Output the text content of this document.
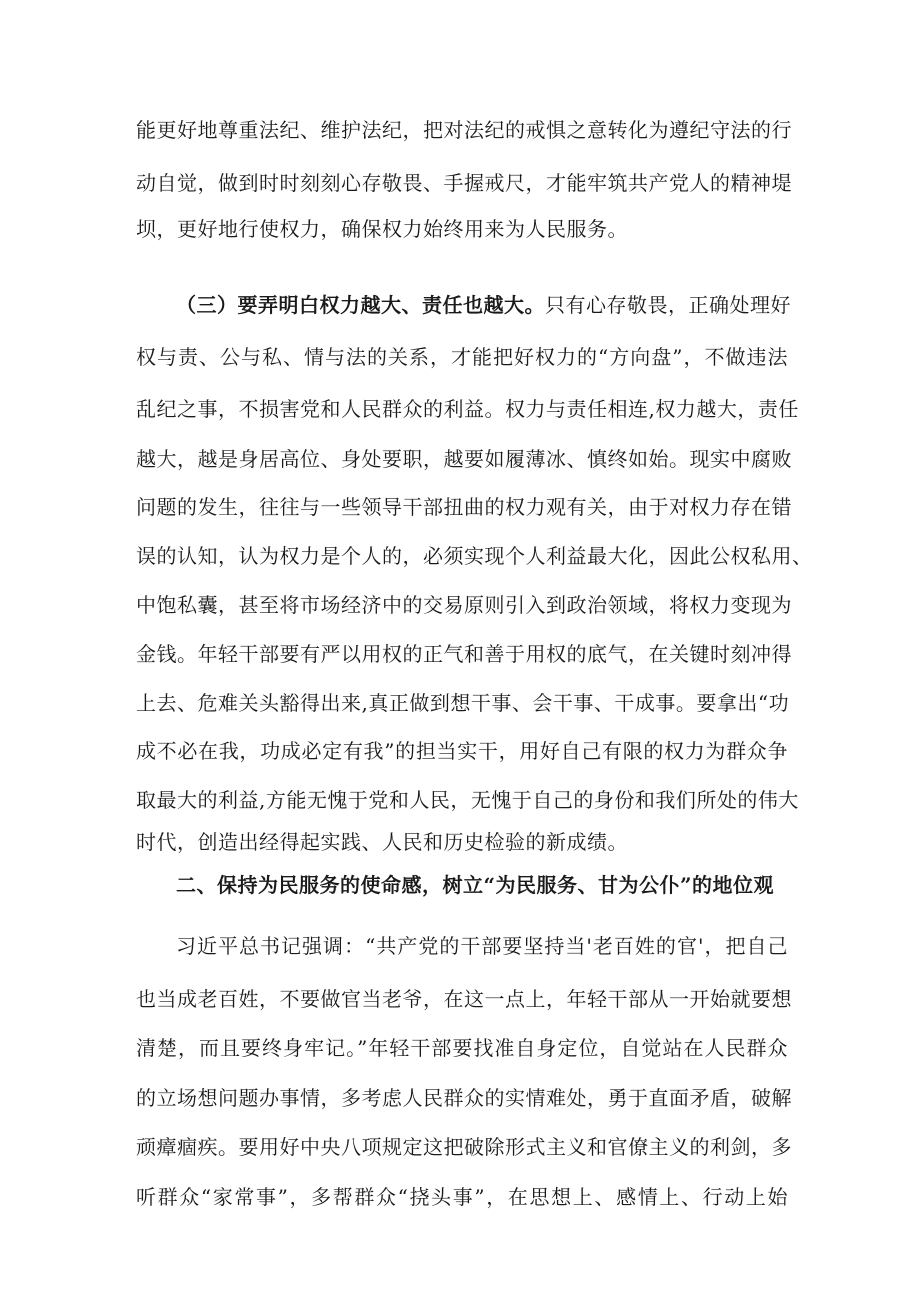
能更好地尊重法纪、维护法纪，把对法纪的戒惧之意转化为遵纪守法的行
动自觉，做到时时刻刻心存敬畏、手握戒尺，才能牢筑共产党人的精神堤
坝，更好地行使权力，确保权力始终用来为人民服务。
（三）要弄明白权力越大、责任也越大。只有心存敬畏，正确处理好
权与责、公与私、情与法的关系，才能把好权力的“方向盘”，不做违法
乱纪之事，不损害党和人民群众的利益。权力与责任相连,权力越大，责任
越大，越是身居高位、身处要职，越要如履薄冰、慎终如始。现实中腐败
问题的发生，往往与一些领导干部扭曲的权力观有关，由于对权力存在错
误的认知，认为权力是个人的，必须实现个人利益最大化，因此公权私用、
中饱私囊，甚至将市场经济中的交易原则引入到政治领域，将权力变现为
金钱。年轻干部要有严以用权的正气和善于用权的底气，在关键时刻冲得
上去、危难关头豁得出来,真正做到想干事、会干事、干成事。要拿出“功
成不必在我，功成必定有我”的担当实干，用好自己有限的权力为群众争
取最大的利益,方能无愧于党和人民，无愧于自己的身份和我们所处的伟大
时代，创造出经得起实践、人民和历史检验的新成绩。
二、保持为民服务的使命感，树立“为民服务、甘为公仆”的地位观
习近平总书记强调：“共产党的干部要坚持当'老百姓的官'，把自己
也当成老百姓，不要做官当老爷，在这一点上，年轻干部从一开始就要想
清楚，而且要终身牢记。”年轻干部要找准自身定位，自觉站在人民群众
的立场想问题办事情，多考虑人民群众的实情难处，勇于直面矛盾，破解
顽瘴痼疾。要用好中央八项规定这把破除形式主义和官僚主义的利剑，多
听群众“家常事”，多帮群众“挠头事”，在思想上、感情上、行动上始
